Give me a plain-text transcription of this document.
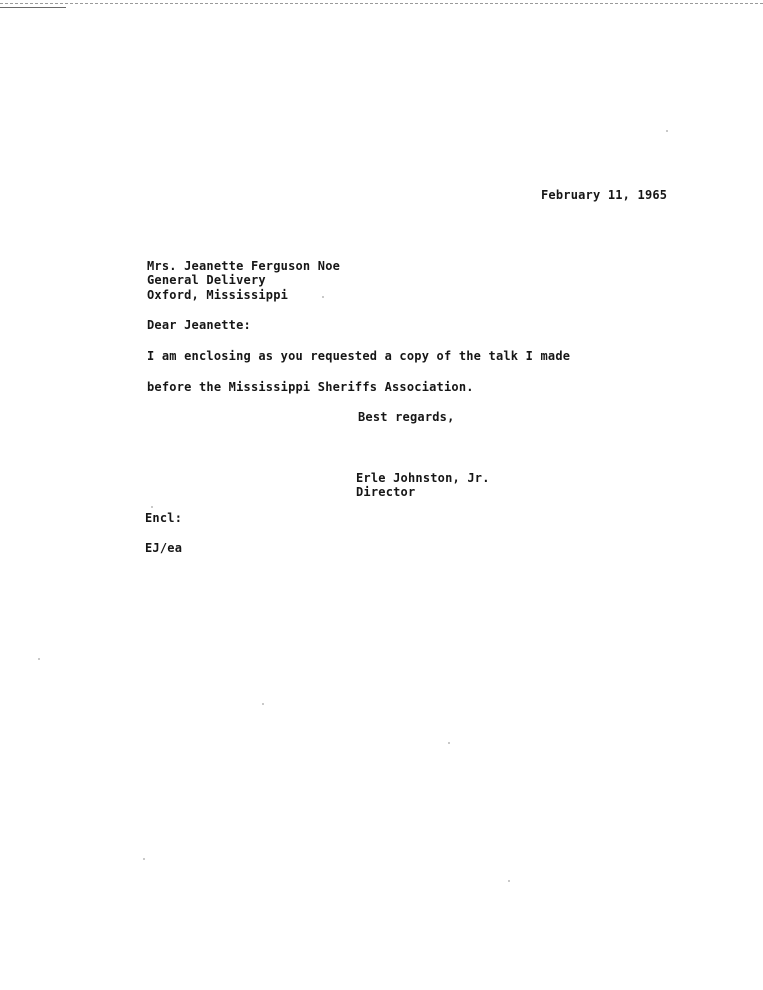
February 11, 1965
Mrs. Jeanette Ferguson Noe
General Delivery
Oxford, Mississippi
Dear Jeanette:
I am enclosing as you requested a copy of the talk I made
before the Mississippi Sheriffs Association.
Best regards,
Erle Johnston, Jr.
Director
Encl:
EJ/ea
